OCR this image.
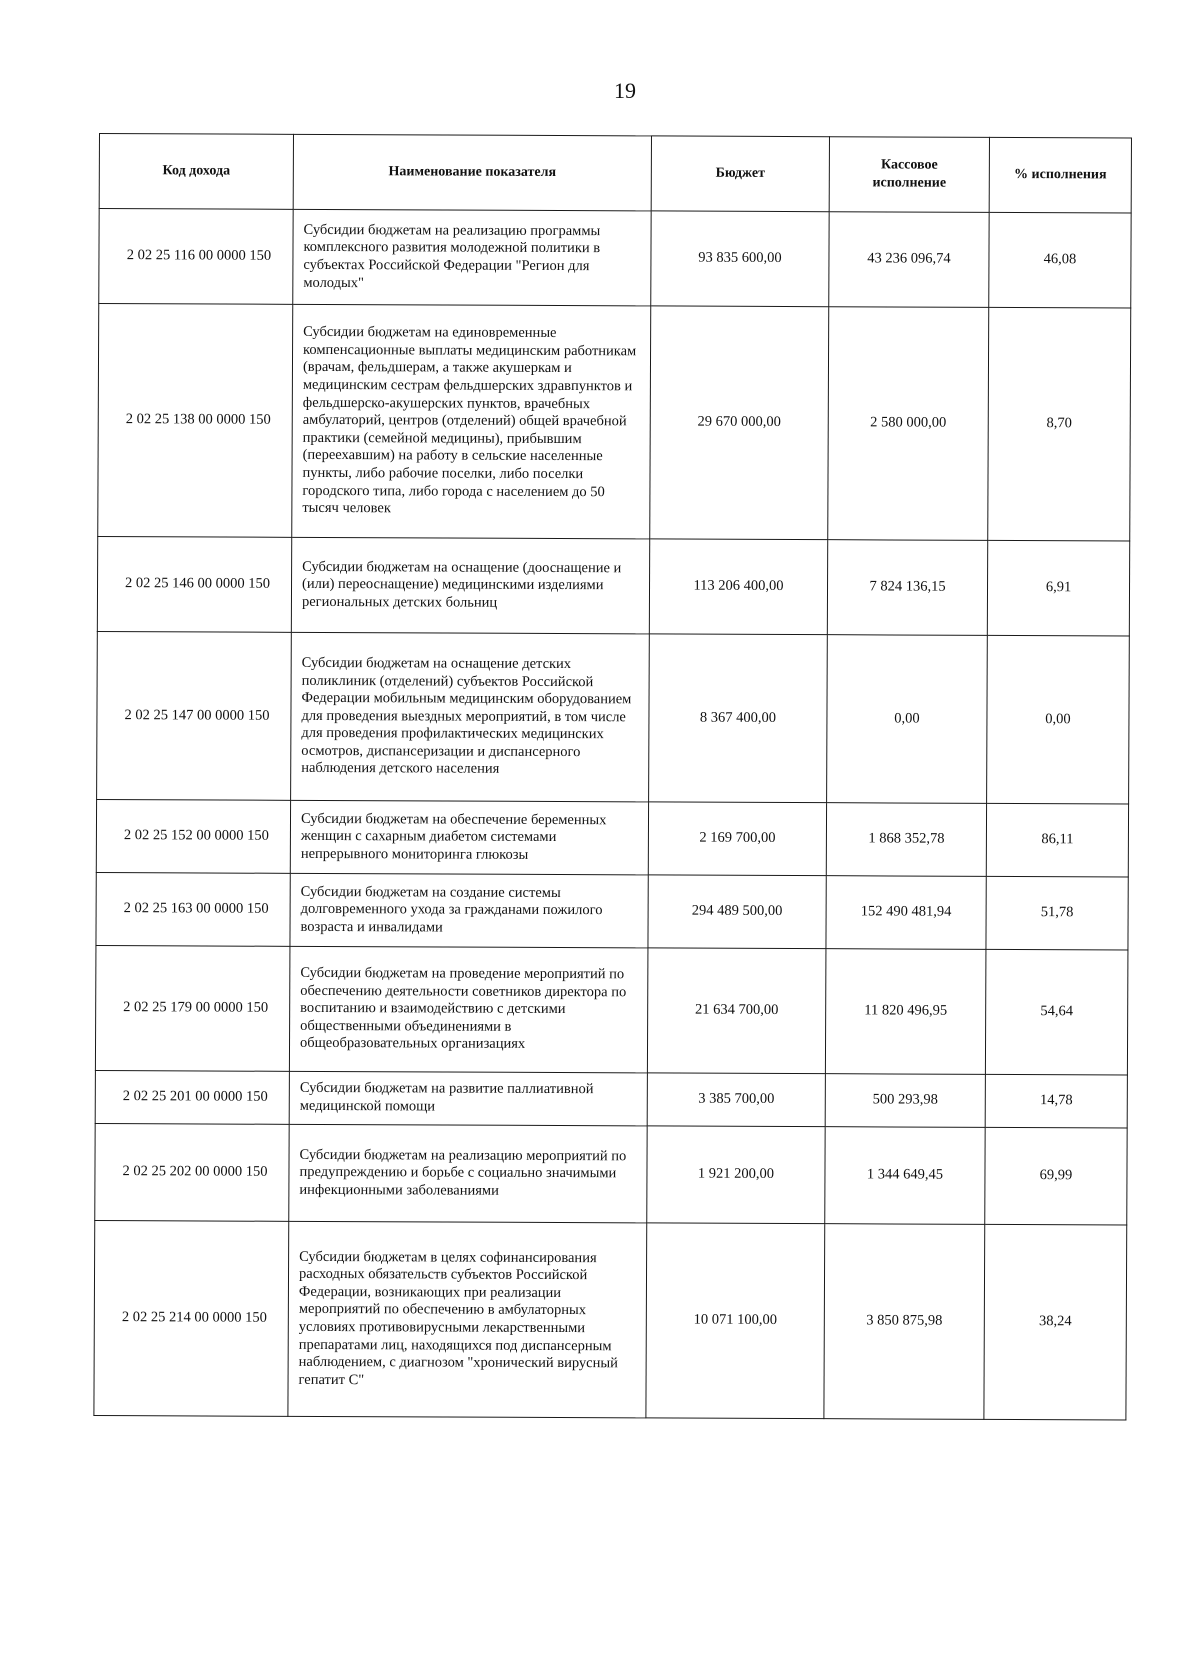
19
Код дохода	Наименование показателя	Бюджет	Кассовое исполнение	% исполнения
2 02 25 116 00 0000 150	Субсидии бюджетам на реализацию программы комплексного развития молодежной политики в субъектах Российской Федерации "Регион для молодых"	93 835 600,00	43 236 096,74	46,08
2 02 25 138 00 0000 150	Субсидии бюджетам на единовременные компенсационные выплаты медицинским работникам (врачам, фельдшерам, а также акушеркам и медицинским сестрам фельдшерских здравпунктов и фельдшерско-акушерских пунктов, врачебных амбулаторий, центров (отделений) общей врачебной практики (семейной медицины), прибывшим (переехавшим) на работу в сельские населенные пункты, либо рабочие поселки, либо поселки городского типа, либо города с населением до 50 тысяч человек	29 670 000,00	2 580 000,00	8,70
2 02 25 146 00 0000 150	Субсидии бюджетам на оснащение (дооснащение и (или) переоснащение) медицинскими изделиями региональных детских больниц	113 206 400,00	7 824 136,15	6,91
2 02 25 147 00 0000 150	Субсидии бюджетам на оснащение детских поликлиник (отделений) субъектов Российской Федерации мобильным медицинским оборудованием для проведения выездных мероприятий, в том числе для проведения профилактических медицинских осмотров, диспансеризации и диспансерного наблюдения детского населения	8 367 400,00	0,00	0,00
2 02 25 152 00 0000 150	Субсидии бюджетам на обеспечение беременных женщин с сахарным диабетом системами непрерывного мониторинга глюкозы	2 169 700,00	1 868 352,78	86,11
2 02 25 163 00 0000 150	Субсидии бюджетам на создание системы долговременного ухода за гражданами пожилого возраста и инвалидами	294 489 500,00	152 490 481,94	51,78
2 02 25 179 00 0000 150	Субсидии бюджетам на проведение мероприятий по обеспечению деятельности советников директора по воспитанию и взаимодействию с детскими общественными объединениями в общеобразовательных организациях	21 634 700,00	11 820 496,95	54,64
2 02 25 201 00 0000 150	Субсидии бюджетам на развитие паллиативной медицинской помощи	3 385 700,00	500 293,98	14,78
2 02 25 202 00 0000 150	Субсидии бюджетам на реализацию мероприятий по предупреждению и борьбе с социально значимыми инфекционными заболеваниями	1 921 200,00	1 344 649,45	69,99
2 02 25 214 00 0000 150	Субсидии бюджетам в целях софинансирования расходных обязательств субъектов Российской Федерации, возникающих при реализации мероприятий по обеспечению в амбулаторных условиях противовирусными лекарственными препаратами лиц, находящихся под диспансерным наблюдением, с диагнозом "хронический вирусный гепатит С"	10 071 100,00	3 850 875,98	38,24
